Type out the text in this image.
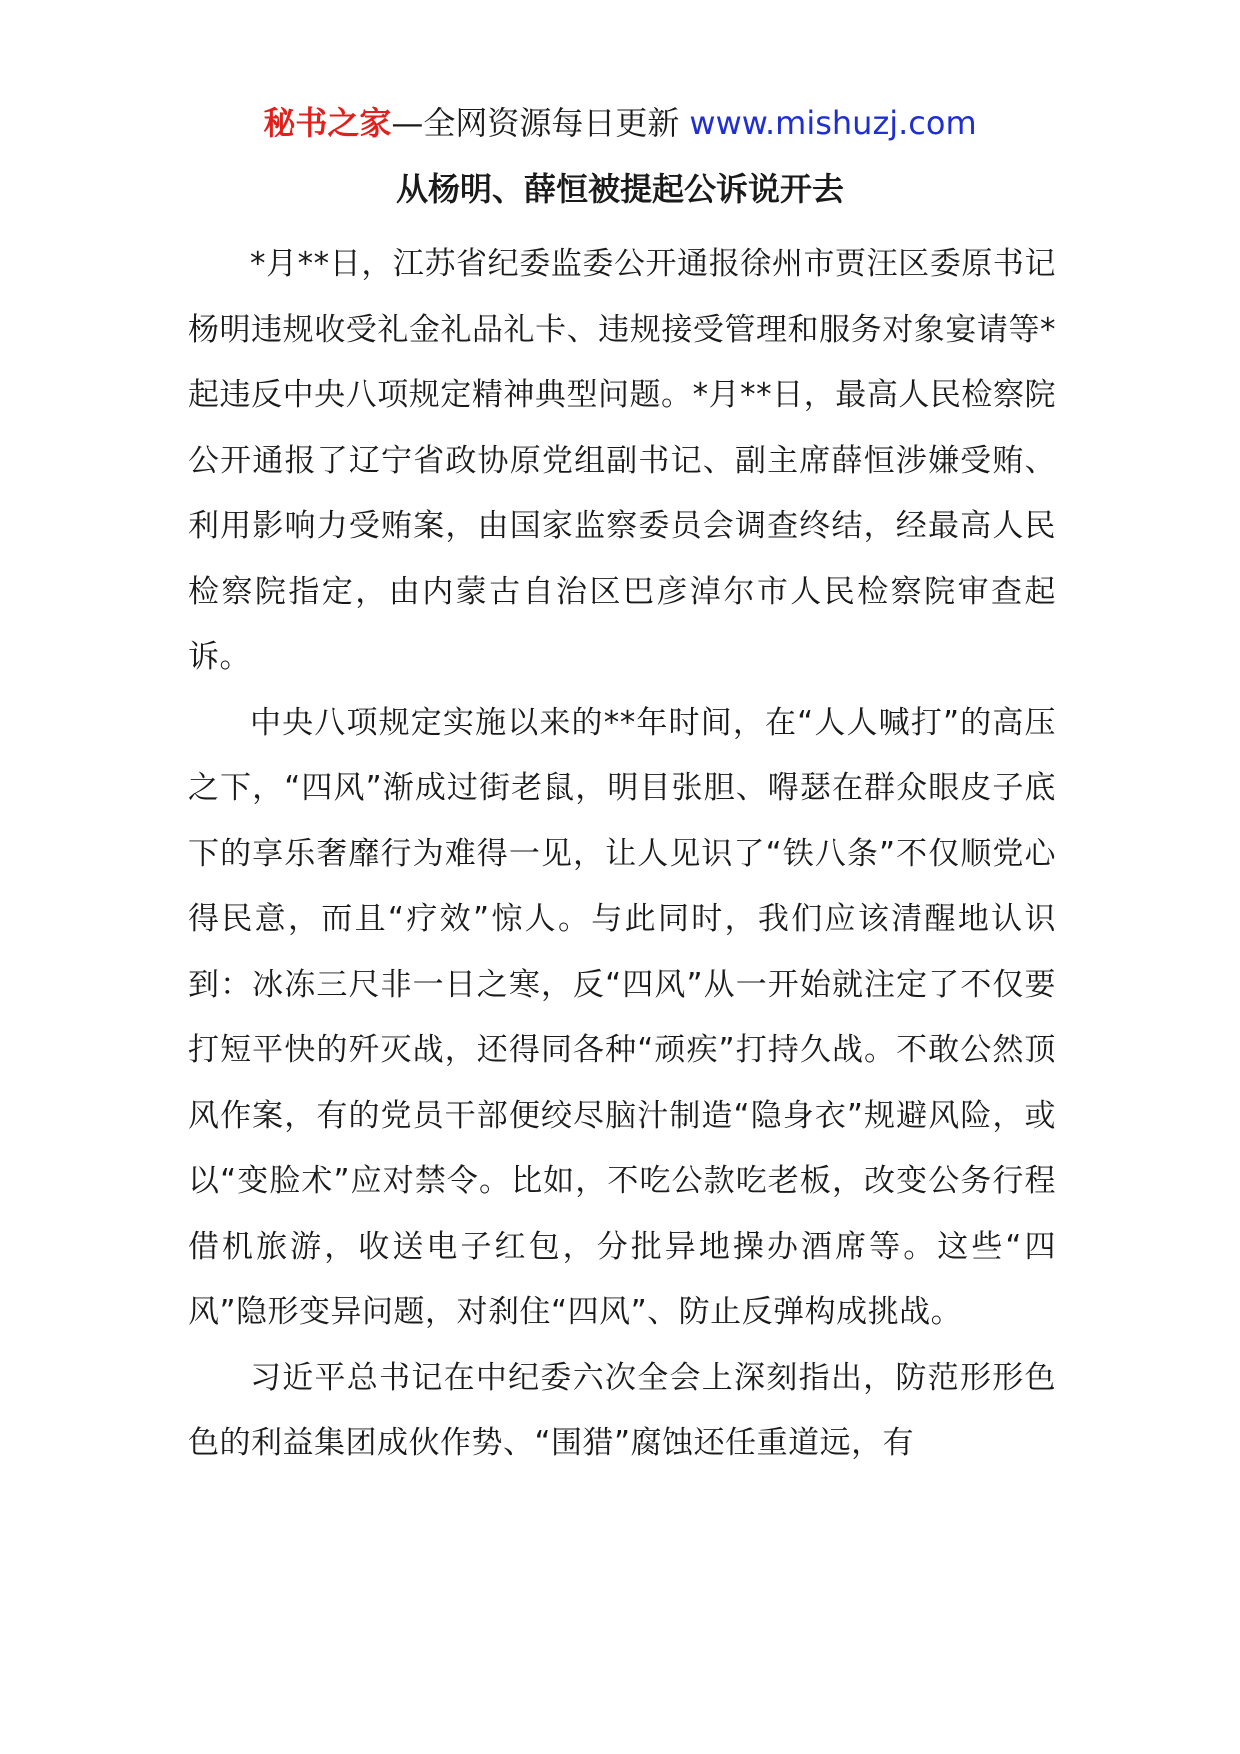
秘书之家—全网资源每日更新 www.mishuzj.com
从杨明、薛恒被提起公诉说开去

*月**日，江苏省纪委监委公开通报徐州市贾汪区委原书记杨明违规收受礼金礼品礼卡、违规接受管理和服务对象宴请等*起违反中央八项规定精神典型问题。*月**日，最高人民检察院公开通报了辽宁省政协原党组副书记、副主席薛恒涉嫌受贿、利用影响力受贿案，由国家监察委员会调查终结，经最高人民检察院指定，由内蒙古自治区巴彦淖尔市人民检察院审查起诉。

中央八项规定实施以来的**年时间，在“人人喊打”的高压之下，“四风”渐成过街老鼠，明目张胆、嘚瑟在群众眼皮子底下的享乐奢靡行为难得一见，让人见识了“铁八条”不仅顺党心得民意，而且“疗效”惊人。与此同时，我们应该清醒地认识到：冰冻三尺非一日之寒，反“四风”从一开始就注定了不仅要打短平快的歼灭战，还得同各种“顽疾”打持久战。不敢公然顶风作案，有的党员干部便绞尽脑汁制造“隐身衣”规避风险，或以“变脸术”应对禁令。比如，不吃公款吃老板，改变公务行程借机旅游，收送电子红包，分批异地操办酒席等。这些“四风”隐形变异问题，对刹住“四风”、防止反弹构成挑战。

习近平总书记在中纪委六次全会上深刻指出，防范形形色色的利益集团成伙作势、“围猎”腐蚀还任重道远，有
